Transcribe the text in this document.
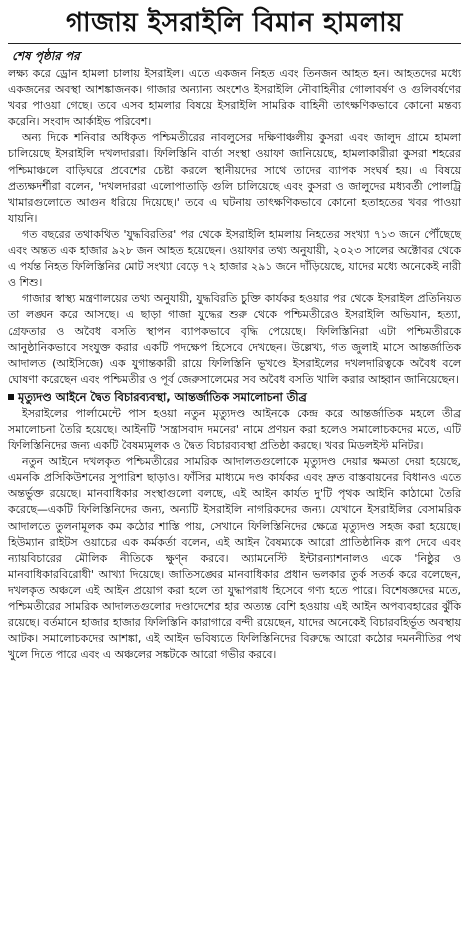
গাজায় ইসরাইলি বিমান হামলায়
শেষ পৃষ্ঠার পর

লক্ষ্য করে ড্রোন হামলা চালায় ইসরাইল। এতে একজন নিহত এবং তিনজন আহত হন। আহতদের মধ্যে একজনের অবস্থা আশঙ্কাজনক। গাজার অন্যান্য অংশেও ইসরাইলি নৌবাহিনীর গোলাবর্ষণ ও গুলিবর্ষণের খবর পাওয়া গেছে। তবে এসব হামলার বিষয়ে ইসরাইলি সামরিক বাহিনী তাৎক্ষণিকভাবে কোনো মন্তব্য করেনি। সংবাদ আর্কাইভ পরিবেশ।

অন্য দিকে শনিবার অধিকৃত পশ্চিমতীরের নাবলুসের দক্ষিণাঞ্চলীয় কুসরা এবং জালুদ গ্রামে হামলা চালিয়েছে ইসরাইলি দখলদাররা। ফিলিস্তিনি বার্তা সংস্থা ওয়াফা জানিয়েছে, হামলাকারীরা কুসরা শহরের পশ্চিমাঞ্চলে বাড়িঘরে প্রবেশের চেষ্টা করলে স্থানীয়দের সাথে তাদের ব্যাপক সংঘর্ষ হয়। এ বিষয়ে প্রত্যক্ষদর্শীরা বলেন, 'দখলদাররা এলোপাতাড়ি গুলি চালিয়েছে এবং কুসরা ও জালুদের মধ্যবর্তী পোলট্রি খামারগুলোতে আগুন ধরিয়ে দিয়েছে।' তবে এ ঘটনায় তাৎক্ষণিকভাবে কোনো হতাহতের খবর পাওয়া যায়নি।

গত বছরের তথাকথিত 'যুদ্ধবিরতির' পর থেকে ইসরাইলি হামলায় নিহতের সংখ্যা ৭১৩ জনে পৌঁছেছে এবং অন্তত এক হাজার ৯২৮ জন আহত হয়েছেন। ওয়াফার তথ্য অনুযায়ী, ২০২৩ সালের অক্টোবর থেকে এ পর্যন্ত নিহত ফিলিস্তিনির মোট সংখ্যা বেড়ে ৭২ হাজার ২৯১ জনে দাঁড়িয়েছে, যাদের মধ্যে অনেকেই নারী ও শিশু।

গাজার স্বাস্থ্য মন্ত্রণালয়ের তথ্য অনুযায়ী, যুদ্ধবিরতি চুক্তি কার্যকর হওয়ার পর থেকে ইসরাইল প্রতিনিয়ত তা লঙ্ঘন করে আসছে। এ ছাড়া গাজা যুদ্ধের শুরু থেকে পশ্চিমতীরেও ইসরাইলি অভিযান, হত্যা, গ্রেফতার ও অবৈধ বসতি স্থাপন ব্যাপকভাবে বৃদ্ধি পেয়েছে। ফিলিস্তিনিরা এটা পশ্চিমতীরকে আনুষ্ঠানিকভাবে সংযুক্ত করার একটি পদক্ষেপ হিসেবে দেখছেন। উল্লেখ্য, গত জুলাই মাসে আন্তর্জাতিক আদালত (আইসিজে) এক যুগান্তকারী রায়ে ফিলিস্তিনি ভূখণ্ডে ইসরাইলের দখলদারিত্বকে অবৈধ বলে ঘোষণা করেছেন এবং পশ্চিমতীর ও পূর্ব জেরুসালেমের সব অবৈধ বসতি খালি করার আহ্বান জানিয়েছেন।

মৃত্যুদণ্ড আইনে দ্বৈত বিচারব্যবস্থা, আন্তর্জাতিক সমালোচনা তীব্র

ইসরাইলের পার্লামেন্টে পাস হওয়া নতুন মৃত্যুদণ্ড আইনকে কেন্দ্র করে আন্তর্জাতিক মহলে তীব্র সমালোচনা তৈরি হয়েছে। আইনটি 'সন্ত্রাসবাদ দমনের' নামে প্রণয়ন করা হলেও সমালোচকদের মতে, এটি ফিলিস্তিনিদের জন্য একটি বৈষম্যমূলক ও দ্বৈত বিচারব্যবস্থা প্রতিষ্ঠা করছে। খবর মিডলইস্ট মনিটর।

নতুন আইনে দখলকৃত পশ্চিমতীরের সামরিক আদালতগুলোকে মৃত্যুদণ্ড দেয়ার ক্ষমতা দেয়া হয়েছে, এমনকি প্রসিকিউশনের সুপারিশ ছাড়াও। ফাঁসির মাধ্যমে দণ্ড কার্যকর এবং দ্রুত বাস্তবায়নের বিধানও এতে অন্তর্ভুক্ত রয়েছে। মানবাধিকার সংস্থাগুলো বলছে, এই আইন কার্যত দু'টি পৃথক আইনি কাঠামো তৈরি করেছে—একটি ফিলিস্তিনিদের জন্য, অন্যটি ইসরাইলি নাগরিকদের জন্য। যেখানে ইসরাইলির বেসামরিক আদালতে তুলনামূলক কম কঠোর শাস্তি পায়, সেখানে ফিলিস্তিনিদের ক্ষেত্রে মৃত্যুদণ্ড সহজ করা হয়েছে। হিউম্যান রাইটস ওয়াচের এক কর্মকর্তা বলেন, এই আইন বৈষম্যকে আরো প্রাতিষ্ঠানিক রূপ দেবে এবং ন্যায়বিচারের মৌলিক নীতিকে ক্ষুণ্ন করবে। অ্যামনেস্টি ইন্টারন্যাশনালও একে 'নিষ্ঠুর ও মানবাধিকারবিরোধী' আখ্যা দিয়েছে। জাতিসঙ্ঘের মানবাধিকার প্রধান ভলকার তুর্ক সতর্ক করে বলেছেন, দখলকৃত অঞ্চলে এই আইন প্রয়োগ করা হলে তা যুদ্ধাপরাধ হিসেবে গণ্য হতে পারে। বিশেষজ্ঞদের মতে, পশ্চিমতীরের সামরিক আদালতগুলোর দণ্ডাদেশের হার অত্যন্ত বেশি হওয়ায় এই আইন অপব্যবহারের ঝুঁকি রয়েছে। বর্তমানে হাজার হাজার ফিলিস্তিনি কারাগারে বন্দী রয়েছেন, যাদের অনেকেই বিচারবহির্ভূত অবস্থায় আটক। সমালোচকদের আশঙ্কা, এই আইন ভবিষ্যতে ফিলিস্তিনিদের বিরুদ্ধে আরো কঠোর দমননীতির পথ খুলে দিতে পারে এবং এ অঞ্চলের সঙ্কটকে আরো গভীর করবে।
